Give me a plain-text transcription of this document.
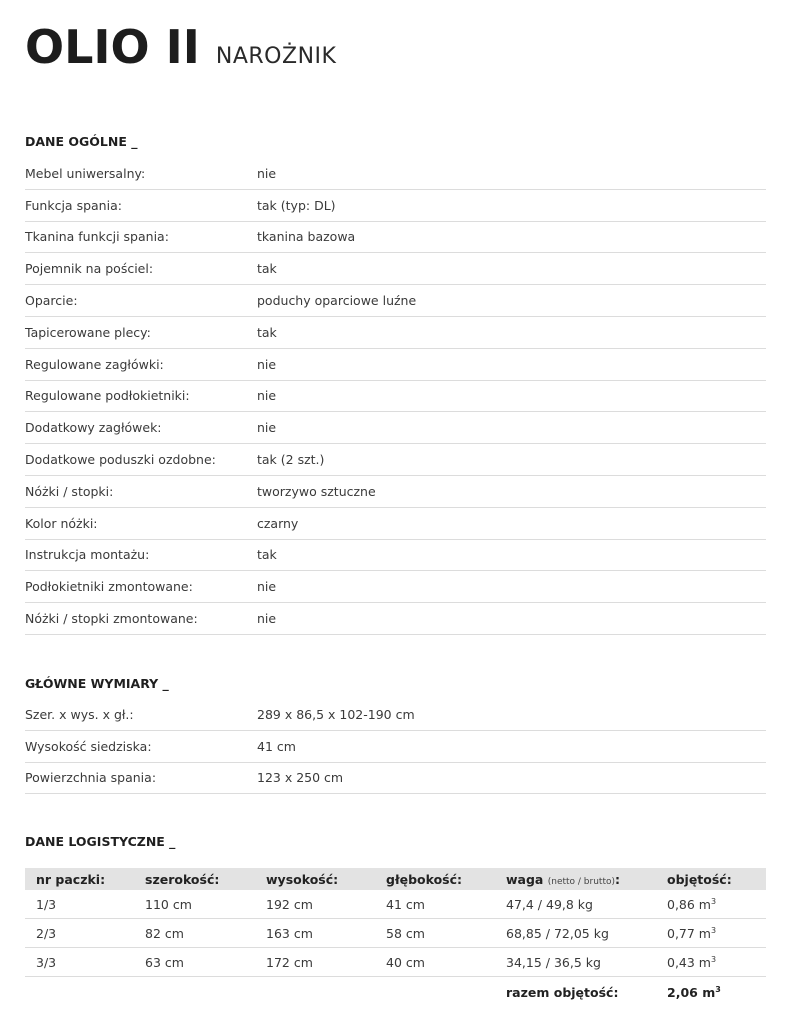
OLIO II NAROŻNIK
DANE OGÓLNE _
Mebel uniwersalny:	nie
Funkcja spania:	tak (typ: DL)
Tkanina funkcji spania:	tkanina bazowa
Pojemnik na pościel:	tak
Oparcie:	poduchy oparciowe luźne
Tapicerowane plecy:	tak
Regulowane zagłówki:	nie
Regulowane podłokietniki:	nie
Dodatkowy zagłówek:	nie
Dodatkowe poduszki ozdobne:	tak (2 szt.)
Nóżki / stopki:	tworzywo sztuczne
Kolor nóżki:	czarny
Instrukcja montażu:	tak
Podłokietniki zmontowane:	nie
Nóżki / stopki zmontowane:	nie
GŁÓWNE WYMIARY _
Szer. x wys. x gł.:	289 x 86,5 x 102-190 cm
Wysokość siedziska:	41 cm
Powierzchnia spania:	123 x 250 cm
DANE LOGISTYCZNE _
nr paczki:	szerokość:	wysokość:	głębokość:	waga (netto / brutto):	objętość:
1/3	110 cm	192 cm	41 cm	47,4 / 49,8 kg	0,86 $m^3$
2/3	82 cm	163 cm	58 cm	68,85 / 72,05 kg	0,77 $m^3$
3/3	63 cm	172 cm	40 cm	34,15 / 36,5 kg	0,43 $m^3$
razem objętość:	2,06 $m^3$
